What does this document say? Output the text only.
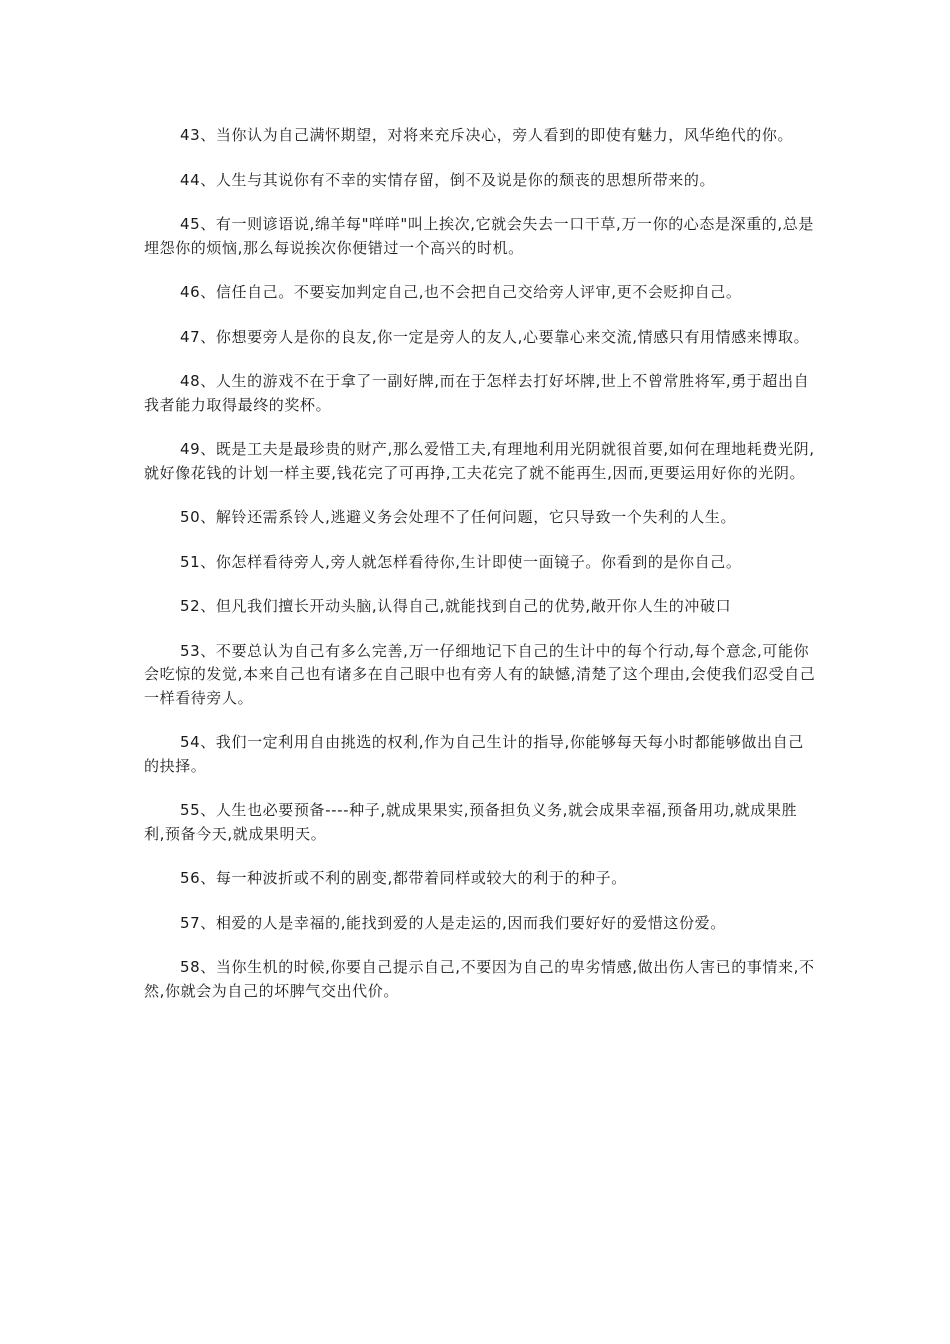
43、当你认为自己满怀期望，对将来充斥决心，旁人看到的即使有魅力，风华绝代的你。

44、人生与其说你有不幸的实情存留，倒不及说是你的颓丧的思想所带来的。

45、有一则谚语说,绵羊每"咩咩"叫上挨次,它就会失去一口干草,万一你的心态是深重的,总是埋怨你的烦恼,那么每说挨次你便错过一个高兴的时机。

46、信任自己。不要妄加判定自己,也不会把自己交给旁人评审,更不会贬抑自己。

47、你想要旁人是你的良友,你一定是旁人的友人,心要靠心来交流,情感只有用情感来博取。

48、人生的游戏不在于拿了一副好牌,而在于怎样去打好坏牌,世上不曾常胜将军,勇于超出自我者能力取得最终的奖杯。

49、既是工夫是最珍贵的财产,那么爱惜工夫,有理地利用光阴就很首要,如何在理地耗费光阴,就好像花钱的计划一样主要,钱花完了可再挣,工夫花完了就不能再生,因而,更要运用好你的光阴。

50、解铃还需系铃人,逃避义务会处理不了任何问题，它只导致一个失利的人生。

51、你怎样看待旁人,旁人就怎样看待你,生计即使一面镜子。你看到的是你自己。

52、但凡我们擅长开动头脑,认得自己,就能找到自己的优势,敞开你人生的冲破口

53、不要总认为自己有多么完善,万一仔细地记下自己的生计中的每个行动,每个意念,可能你会吃惊的发觉,本来自己也有诸多在自己眼中也有旁人有的缺憾,清楚了这个理由,会使我们忍受自己一样看待旁人。

54、我们一定利用自由挑选的权利,作为自己生计的指导,你能够每天每小时都能够做出自己的抉择。

55、人生也必要预备----种子,就成果果实,预备担负义务,就会成果幸福,预备用功,就成果胜利,预备今天,就成果明天。

56、每一种波折或不利的剧变,都带着同样或较大的利于的种子。

57、相爱的人是幸福的,能找到爱的人是走运的,因而我们要好好的爱惜这份爱。

58、当你生机的时候,你要自己提示自己,不要因为自己的卑劣情感,做出伤人害已的事情来,不然,你就会为自己的坏脾气交出代价。
